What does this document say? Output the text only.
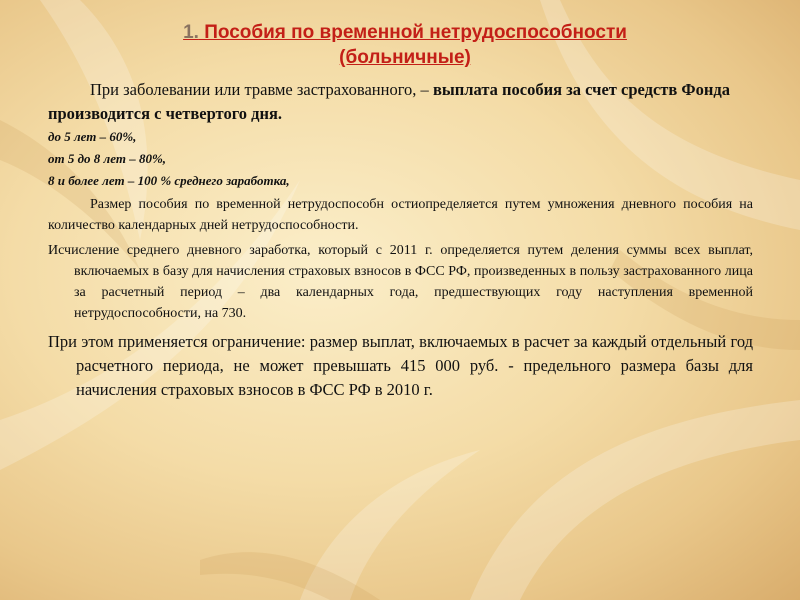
1. Пособия по временной нетрудоспособности
(больничные)

При заболевании или травме застрахованного, – выплата пособия за счет средств Фонда производится с четвертого дня.

до 5 лет – 60%,

от 5 до 8 лет – 80%,

8 и более лет – 100 % среднего заработка,

Размер пособия по временной нетрудоспособн остиопределяется путем умножения дневного пособия на количество календарных дней нетрудоспособности.

Исчисление среднего дневного заработка, который с 2011 г. определяется путем деления суммы всех выплат, включаемых в базу для начисления страховых взносов в ФСС РФ, произведенных в пользу застрахованного лица за расчетный период – два календарных года, предшествующих году наступления временной нетрудоспособности, на 730.

При этом применяется ограничение: размер выплат, включаемых в расчет за каждый отдельный год расчетного периода, не может превышать 415 000 руб. - предельного размера базы для начисления страховых взносов в ФСС РФ в 2010 г.
